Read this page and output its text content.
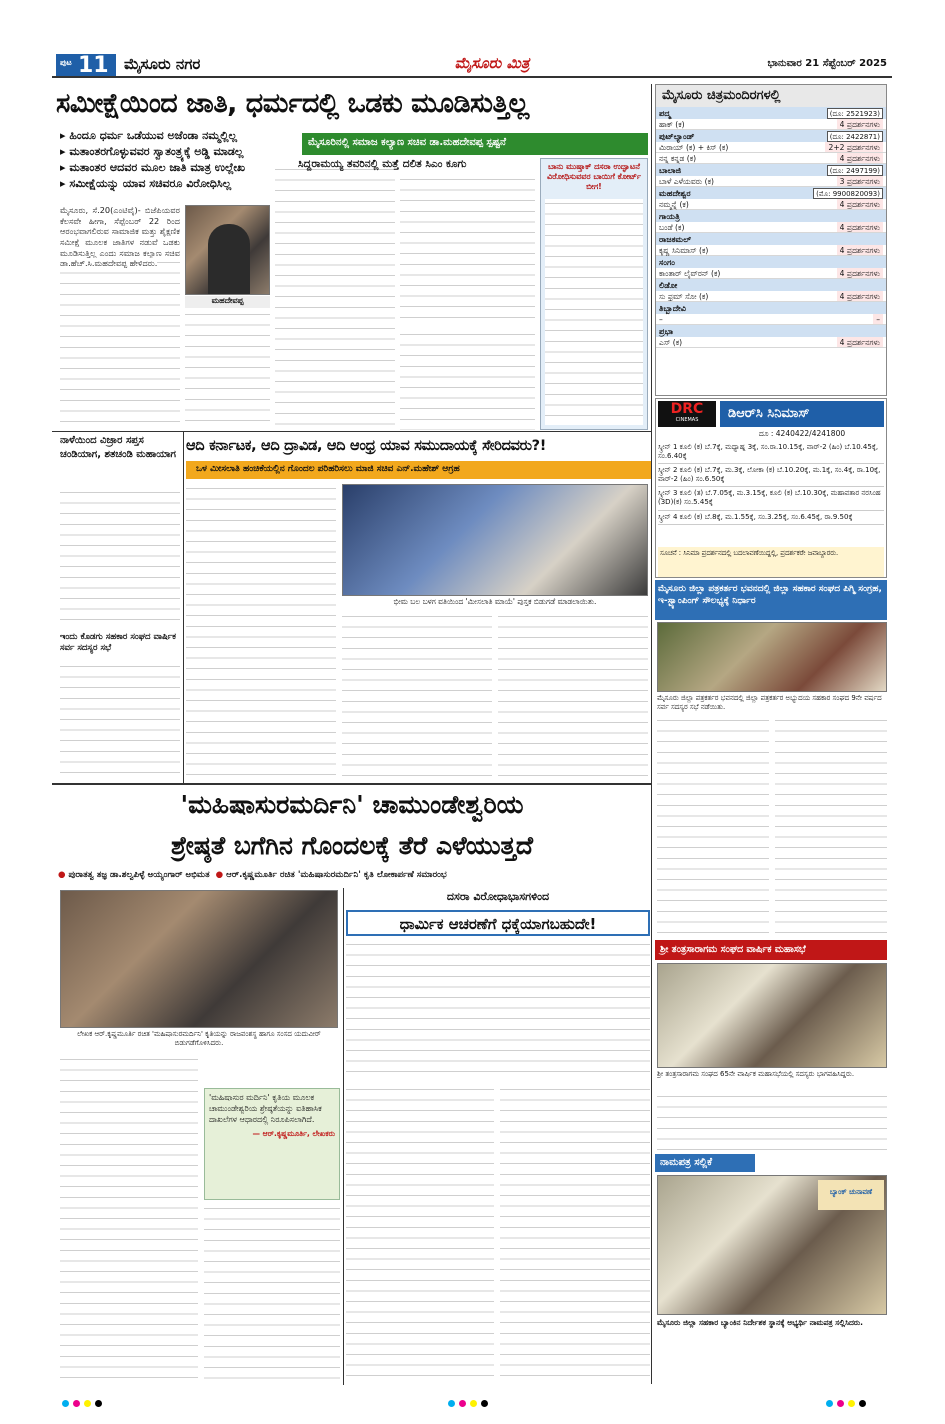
ಪುಟ 11 ಮೈಸೂರು ನಗರ	ಮೈಸೂರು ಮಿತ್ರ	ಭಾನುವಾರ 21 ಸೆಪ್ಟೆಂಬರ್ 2025
ಸಮೀಕ್ಷೆಯಿಂದ ಜಾತಿ, ಧರ್ಮದಲ್ಲಿ ಒಡಕು ಮೂಡಿಸುತ್ತಿಲ್ಲ
▸ ಹಿಂದೂ ಧರ್ಮ ಒಡೆಯುವ ಅಜೆಂಡಾ ನಮ್ಮಲ್ಲಿಲ್ಲ
▸ ಮತಾಂತರಗೊಳ್ಳುವವರ ಸ್ವಾತಂತ್ರ್ಯಕ್ಕೆ ಅಡ್ಡಿ ಮಾಡಲ್ಲ
▸ ಮತಾಂತರ ಆದವರ ಮೂಲ ಜಾತಿ ಮಾತ್ರ ಉಲ್ಲೇಖ
▸ ಸಮೀಕ್ಷೆಯನ್ನು ಯಾವ ಸಚಿವರೂ ವಿರೋಧಿಸಿಲ್ಲ
ಮೈಸೂರಿನಲ್ಲಿ ಸಮಾಜ ಕಲ್ಯಾಣ ಸಚಿವ ಡಾ.ಮಹದೇವಪ್ಪ ಸ್ಪಷ್ಟನೆ
ಮೈಸೂರು, ಸೆ.20(ಎಂಟಿವೈ)- ಬಿಜೆಪಿಯವರ ಕೆಲಸವೇ ಹೀಗಾ, ಸೆಪ್ಟೆಂಬರ್ 22 ರಿಂದ ಆರಂಭವಾಗಲಿರುವ ಸಾಮಾಜಿಕ ಮತ್ತು ಶೈಕ್ಷಣಿಕ ಸಮೀಕ್ಷೆ ಮೂಲಕ ಜಾತಿಗಳ ನಡುವೆ ಒಡಕು ಮೂಡಿಸುತ್ತಿಲ್ಲ ಎಂದು ಸಮಾಜ ಕಲ್ಯಾಣ ಸಚಿವ ಡಾ.ಹೆಚ್.ಸಿ.ಮಹದೇವಪ್ಪ ಹೇಳಿದರು.
ಮಹದೇವಪ್ಪ
ಸಿದ್ದರಾಮಯ್ಯ ತವರಿನಲ್ಲಿ ಮತ್ತೆ ದಲಿತ ಸಿಎಂ ಕೂಗು	ಬಾನು ಮುಷ್ತಾಕ್ ದಸರಾ ಉದ್ಘಾಟನೆ ವಿರೋಧಿಸುವವರ ಬಾಯಿಗೆ ಕೋರ್ಟ್ ಬೀಗ!
ಮೈಸೂರು ಚಿತ್ರಮಂದಿರಗಳಲ್ಲಿ
ಪದ್ಮ	(ದೂ: 2521923)
ಹಾಕ್ (ಕ)	4 ಪ್ರದರ್ಶನಗಳು
ಪುಟ್‌ಲ್ಯಾಂಡ್	(ದೂ: 2422871)
ಮಿರಾಯ್ (ಕ) + ಕಿಸ್ (ಕ)	2+2 ಪ್ರದರ್ಶನಗಳು
ನನ್ನ ಕನ್ನಡ (ಕ)	4 ಪ್ರದರ್ಶನಗಳು
ಬಾಲಾಜಿ	(ದೂ: 2497199)
ಬಾಳೆ ಎಳೆಯವರು (ಕ)	3 ಪ್ರದರ್ಶನಗಳು
ಮಹದೇಶ್ವರ	(ಮೊ: 9900820093)
ನಮ್ಮನ್ನೆ (ಕ)	4 ಪ್ರದರ್ಶನಗಳು
ಗಾಯತ್ರಿ
ಬಂಡೆ (ಕ)	4 ಪ್ರದರ್ಶನಗಳು
ರಾಜಕಮಲ್
ಕೃಷ್ಣ ಸಿನಿಮಾಸ್ (ಕ)	4 ಪ್ರದರ್ಶನಗಳು
ಸಂಗಂ
ಕಾಂತಾರ್ ಲೈವ್‌ರನ್ (ಕ)	4 ಪ್ರದರ್ಶನಗಳು
ಲಿಡೋ
ಸು ಫ್ರಮ್ ಸೋ (ಕ)	4 ಪ್ರದರ್ಶನಗಳು
ತಿಬ್ಬಾದೇವಿ
–	–
ಪ್ರಭಾ
ಎಸ್ (ಕ)	4 ಪ್ರದರ್ಶನಗಳು
DRC
CINEMAS	ಡಿಆರ್‌ಸಿ ಸಿನಿಮಾಸ್
ದೂ : 4240422/4241800
ಸ್ಕ್ರೀನ್ 1 ಕೂಲಿ (ಕ) ಬೆ.7ಕ್ಕೆ, ಮಧ್ಯಾಹ್ನ 3ಕ್ಕೆ, ಸಂ.ರಾ.10.15ಕ್ಕೆ, ವಾರ್-2 (ಹಿಂ) ಬೆ.10.45ಕ್ಕೆ, ಸಂ.6.40ಕ್ಕೆ
ಸ್ಕ್ರೀನ್ 2 ಕೂಲಿ (ಕ) ಬೆ.7ಕ್ಕೆ, ಮ.3ಕ್ಕೆ, ಲೋಕಾ (ಕ) ಬೆ.10.20ಕ್ಕೆ, ಮ.1ಕ್ಕೆ, ಸಂ.4ಕ್ಕೆ, ರಾ.10ಕ್ಕೆ, ವಾರ್-2 (ಹಿಂ) ಸಂ.6.50ಕ್ಕೆ
ಸ್ಕ್ರೀನ್ 3 ಕೂಲಿ (ತ) ಬೆ.7.05ಕ್ಕೆ, ಮ.3.15ಕ್ಕೆ, ಕೂಲಿ (ಕ) ಬೆ.10.30ಕ್ಕೆ, ಮಹಾವತಾರ ನರಸಿಂಹ (3D)(ಕ) ಸಂ.5.45ಕ್ಕೆ
ಸ್ಕ್ರೀನ್ 4 ಕೂಲಿ (ಕ) ಬೆ.8ಕ್ಕೆ, ಮ.1.55ಕ್ಕೆ, ಸಂ.3.25ಕ್ಕೆ, ಸಂ.6.45ಕ್ಕೆ, ರಾ.9.50ಕ್ಕೆ
ಸೂಚನೆ : ಸಿನಿಮಾ ಪ್ರದರ್ಶನದಲ್ಲಿ ಬದಲಾವಣೆಯಿದ್ದಲ್ಲಿ, ಪ್ರದರ್ಶಕರೇ ಜವಾಬ್ದಾರರು.
ಮೈಸೂರು ಜಿಲ್ಲಾ ಪತ್ರಕರ್ತರ ಭವನದಲ್ಲಿ ಜಿಲ್ಲಾ ಸಹಕಾರ ಸಂಘದ ಪಿಗ್ಮಿ ಸಂಗ್ರಹ, ಇ-ಸ್ಟ್ಯಾಂಪಿಂಗ್ ಸೌಲಭ್ಯಕ್ಕೆ ನಿರ್ಧಾರ
ಮೈಸೂರು ಜಿಲ್ಲಾ ಪತ್ರಕರ್ತರ ಭವನದಲ್ಲಿ ಜಿಲ್ಲಾ ಪತ್ರಕರ್ತರ ಅಭ್ಯುದಯ ಸಹಕಾರ ಸಂಘದ 9ನೇ ವರ್ಷದ ಸರ್ವ ಸದಸ್ಯರ ಸಭೆ ನಡೆಯಿತು.
ನಾಳೆಯಿಂದ ವಿಜ್ರಾರ ಸಪ್ತಸ ಚಂಡಿಯಾಗ, ಶತಚಂಡಿ ಮಹಾಯಾಗ
ಇಂದು ಕೊಡಗು ಸಹಕಾರ ಸಂಘದ ವಾರ್ಷಿಕ ಸರ್ವ ಸದಸ್ಯರ ಸಭೆ
ಆದಿ ಕರ್ನಾಟಕ, ಆದಿ ದ್ರಾವಿಡ, ಆದಿ ಆಂಧ್ರ ಯಾವ ಸಮುದಾಯಕ್ಕೆ ಸೇರಿದವರು?!
ಒಳ ಮೀಸಲಾತಿ ಹಂಚಿಕೆಯಲ್ಲಿನ ಗೊಂದಲ ಪರಿಹರಿಸಲು ಮಾಜಿ ಸಚಿವ ಎನ್.ಮಹೇಶ್ ಆಗ್ರಹ
ಭೀಮ ಬಲ ಬಳಗ ವತಿಯಿಂದ 'ಮೀಸಲಾತಿ ಮಾಯೆ' ಪುಸ್ತಕ ಬಿಡುಗಡೆ ಮಾಡಲಾಯಿತು.
'ಮಹಿಷಾಸುರಮರ್ದಿನಿ' ಚಾಮುಂಡೇಶ್ವರಿಯ
ಶ್ರೇಷ್ಠತೆ ಬಗೆಗಿನ ಗೊಂದಲಕ್ಕೆ ತೆರೆ ಎಳೆಯುತ್ತದೆ
● ಪುರಾತತ್ವ ತಜ್ಞ ಡಾ.ಶಲ್ವಪಿಳ್ಳೆ ಅಯ್ಯಂಗಾರ್ ಅಭಿಮತ ● ಆರ್.ಕೃಷ್ಣಮೂರ್ತಿ ರಚಿತ 'ಮಹಿಷಾಸುರಮರ್ದಿನಿ' ಕೃತಿ ಲೋಕಾರ್ಪಣೆ ಸಮಾರಂಭ
ಲೇಖಕ ಆರ್.ಕೃಷ್ಣಮೂರ್ತಿ ರಚಿತ 'ಮಹಿಷಾಸುರಮರ್ದಿನಿ' ಕೃತಿಯನ್ನು ರಾಜವಂಶಸ್ಥ ಹಾಗೂ ಸಂಸದ ಯದುವೀರ್ ಬಿಡುಗಡೆಗೊಳಿಸಿದರು.
'ಮಹಿಷಾಸುರ ಮರ್ದಿನಿ' ಕೃತಿಯ ಮೂಲಕ ಚಾಮುಂಡೇಶ್ವರಿಯ ಶ್ರೇಷ್ಠತೆಯನ್ನು ಐತಿಹಾಸಿಕ ದಾಖಲೆಗಳ ಆಧಾರದಲ್ಲಿ ನಿರೂಪಿಸಲಾಗಿದೆ.
— ಆರ್.ಕೃಷ್ಣಮೂರ್ತಿ, ಲೇಖಕರು
ದಸರಾ ವಿರೋಧಾಭಾಸಗಳಿಂದ
ಧಾರ್ಮಿಕ ಆಚರಣೆಗೆ ಧಕ್ಕೆಯಾಗಬಹುದೇ!
ಶ್ರೀ ತಂತ್ರಸಾರಾಗಮ ಸಂಘದ ವಾರ್ಷಿಕ ಮಹಾಸಭೆ
ಶ್ರೀ ತಂತ್ರಸಾರಾಗಮ ಸಂಘದ 65ನೇ ವಾರ್ಷಿಕ ಮಹಾಸಭೆಯಲ್ಲಿ ಸದಸ್ಯರು ಭಾಗವಹಿಸಿದ್ದರು.
ನಾಮಪತ್ರ ಸಲ್ಲಿಕೆ
ಬ್ಯಾಂಕ್ ಚುನಾವಣೆ
ಮೈಸೂರು ಜಿಲ್ಲಾ ಸಹಕಾರ ಬ್ಯಾಂಕಿನ ನಿರ್ದೇಶಕ ಸ್ಥಾನಕ್ಕೆ ಅಭ್ಯರ್ಥಿ ನಾಮಪತ್ರ ಸಲ್ಲಿಸಿದರು.
